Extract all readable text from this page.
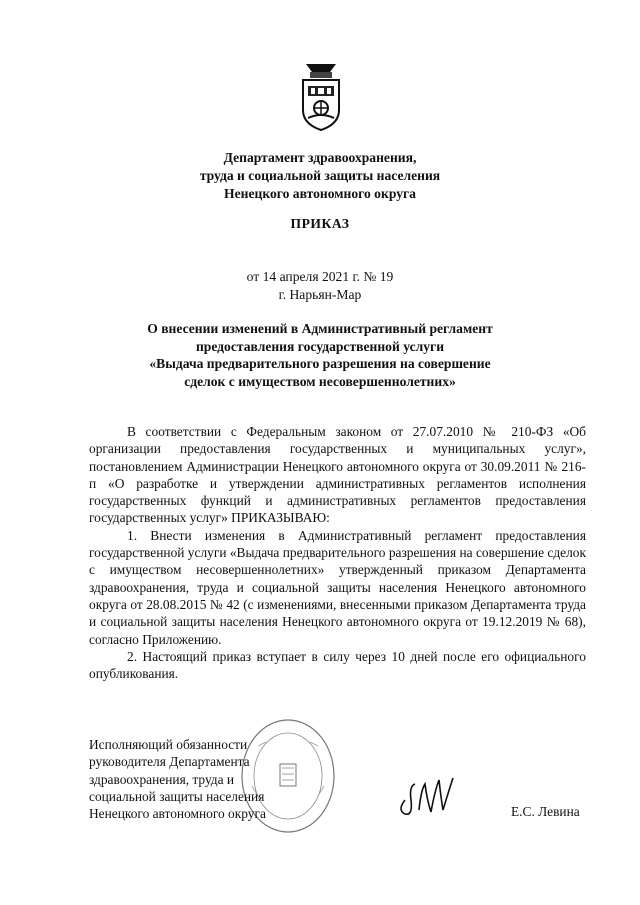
Департамент здравоохранения,
труда и социальной защиты населения
Ненецкого автономного округа
ПРИКАЗ
от 14 апреля 2021 г. № 19
г. Нарьян-Мар
О внесении изменений в Административный регламент
предоставления государственной услуги
«Выдача предварительного разрешения на совершение
сделок с имуществом несовершеннолетних»

В соответствии с Федеральным законом от 27.07.2010 № 210-ФЗ «Об организации предоставления государственных и муниципальных услуг», постановлением Администрации Ненецкого автономного округа от 30.09.2011 № 216-п «О разработке и утверждении административных регламентов исполнения государственных функций и административных регламентов предоставления государственных услуг» ПРИКАЗЫВАЮ:

1. Внести изменения в Административный регламент предоставления государственной услуги «Выдача предварительного разрешения на совершение сделок с имуществом несовершеннолетних» утвержденный приказом Департамента здравоохранения, труда и социальной защиты населения Ненецкого автономного округа от 28.08.2015 № 42 (с изменениями, внесенными приказом Департамента труда и социальной защиты населения Ненецкого автономного округа от 19.12.2019 № 68), согласно Приложению.

2. Настоящий приказ вступает в силу через 10 дней после его официального опубликования.

Исполняющий обязанности
руководителя Департамента
здравоохранения, труда и
социальной защиты населения
Ненецкого автономного округа	Е.С. Левина
